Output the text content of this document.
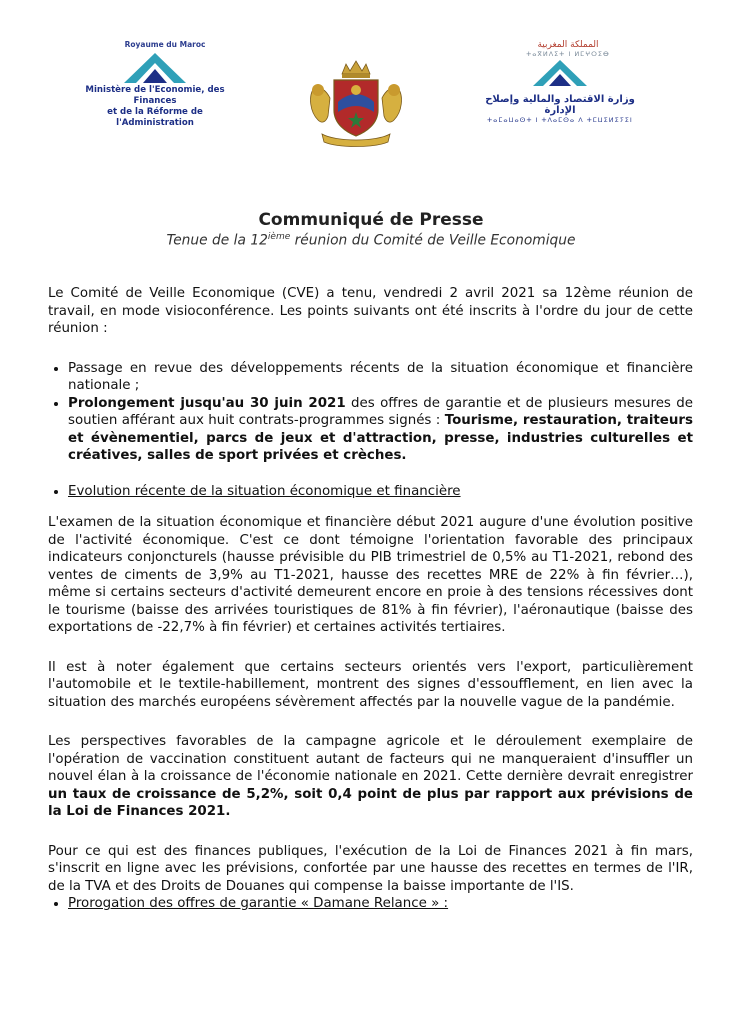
Royaume du Maroc
Ministère de l'Economie, des Finances
et de la Réforme de l'Administration
المملكة المغربية
ⵜⴰⴳⵍⴷⵉⵜ ⵏ ⵍⵎⵖⵔⵉⴱ
وزارة الاقتصاد والمالية وإصلاح الإدارة
ⵜⴰⵎⴰⵡⴰⵙⵜ ⵏ ⵜⴷⴰⵎⵙⴰ ⴷ ⵜⵎⵡⵉⵍⵉⵢⵉⵏ
Communiqué de Presse
Tenue de la 12ième réunion du Comité de Veille Economique

Le Comité de Veille Economique (CVE) a tenu, vendredi 2 avril 2021 sa 12ème réunion de travail, en mode visioconférence. Les points suivants ont été inscrits à l'ordre du jour de cette réunion :

• Passage en revue des développements récents de la situation économique et financière nationale ;
• Prolongement jusqu'au 30 juin 2021 des offres de garantie et de plusieurs mesures de soutien afférant aux huit contrats-programmes signés : Tourisme, restauration, traiteurs et évènementiel, parcs de jeux et d'attraction, presse, industries culturelles et créatives, salles de sport privées et crèches.
• Evolution récente de la situation économique et financière

L'examen de la situation économique et financière début 2021 augure d'une évolution positive de l'activité économique. C'est ce dont témoigne l'orientation favorable des principaux indicateurs conjoncturels (hausse prévisible du PIB trimestriel de 0,5% au T1-2021, rebond des ventes de ciments de 3,9% au T1-2021, hausse des recettes MRE de 22% à fin février…), même si certains secteurs d'activité demeurent encore en proie à des tensions récessives dont le tourisme (baisse des arrivées touristiques de 81% à fin février), l'aéronautique (baisse des exportations de -22,7% à fin février) et certaines activités tertiaires.

Il est à noter également que certains secteurs orientés vers l'export, particulièrement l'automobile et le textile-habillement, montrent des signes d'essoufflement, en lien avec la situation des marchés européens sévèrement affectés par la nouvelle vague de la pandémie.

Les perspectives favorables de la campagne agricole et le déroulement exemplaire de l'opération de vaccination constituent autant de facteurs qui ne manqueraient d'insuffler un nouvel élan à la croissance de l'économie nationale en 2021. Cette dernière devrait enregistrer un taux de croissance de 5,2%, soit 0,4 point de plus par rapport aux prévisions de la Loi de Finances 2021.

Pour ce qui est des finances publiques, l'exécution de la Loi de Finances 2021 à fin mars, s'inscrit en ligne avec les prévisions, confortée par une hausse des recettes en termes de l'IR, de la TVA et des Droits de Douanes qui compense la baisse importante de l'IS.

• Prorogation des offres de garantie « Damane Relance » :
